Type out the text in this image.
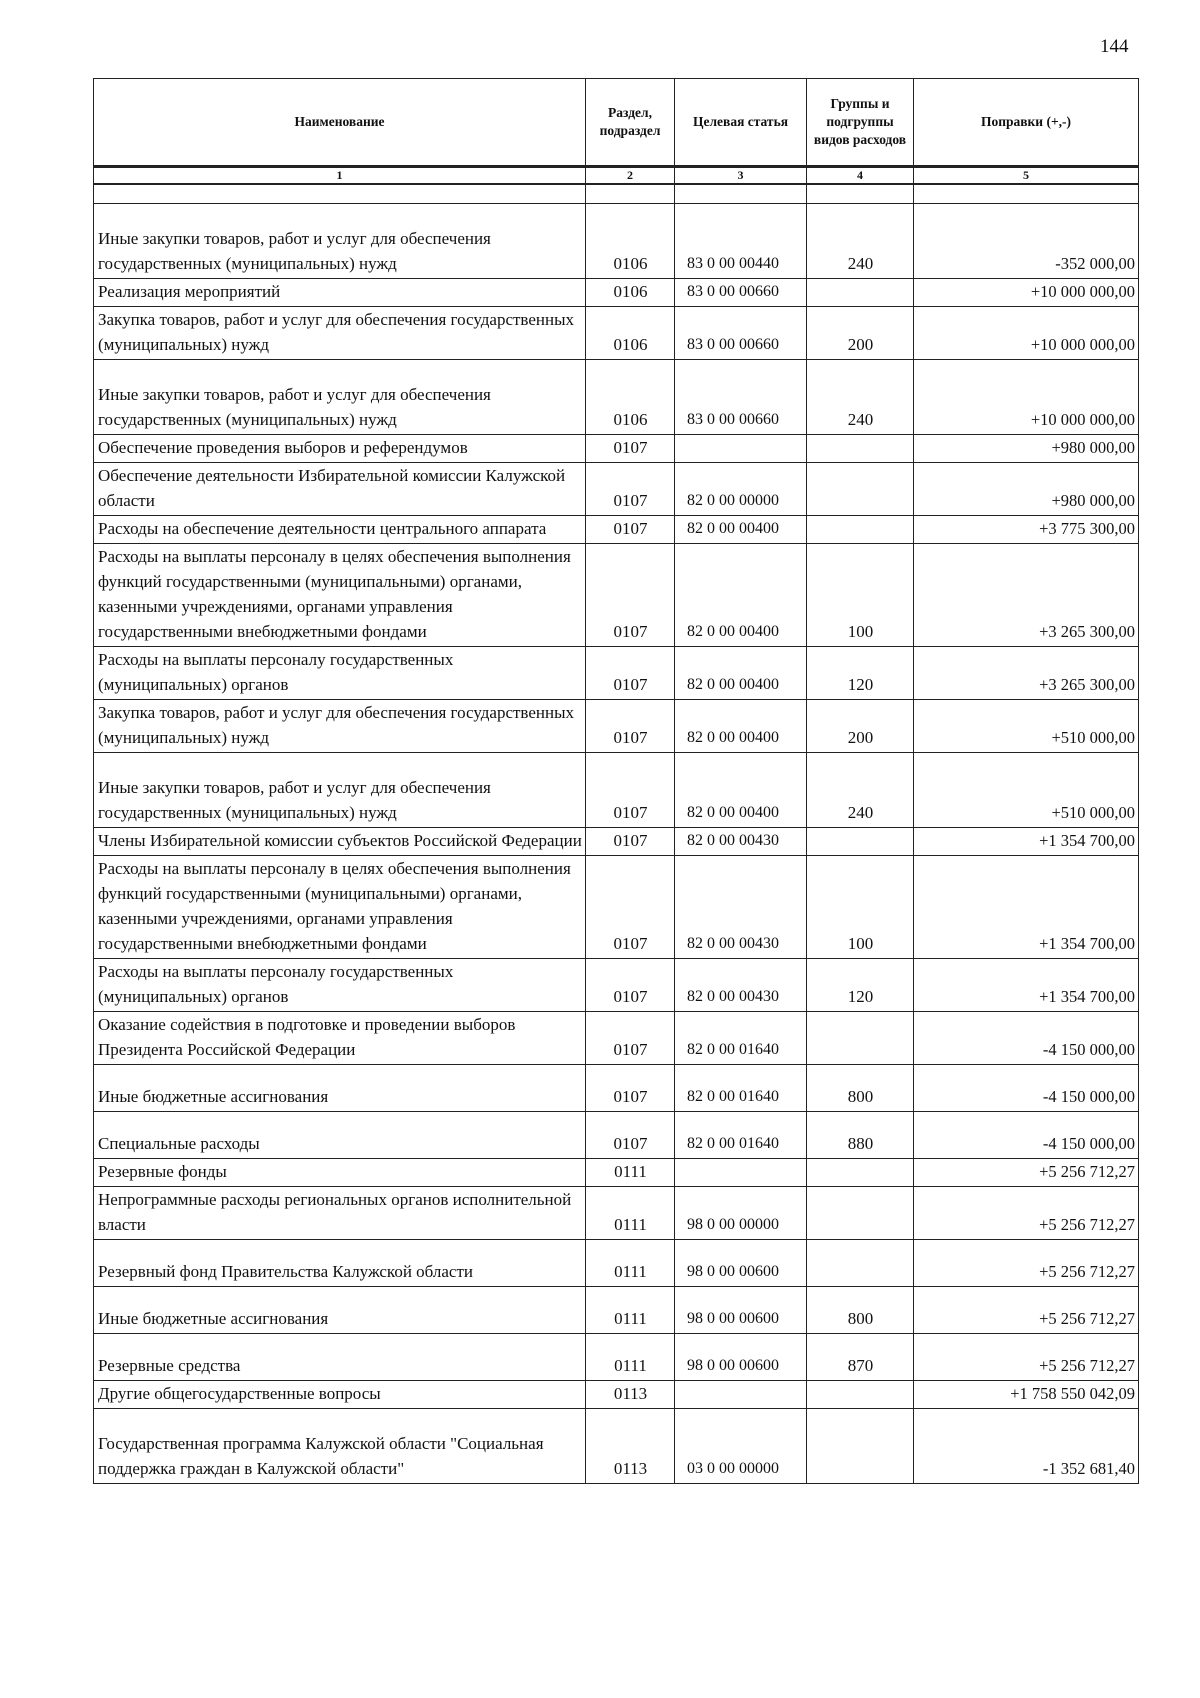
144
Наименование	Раздел, подраздел	Целевая статья	Группы и подгруппы видов расходов	Поправки (+,-)
1	2	3	4	5

Иные закупки товаров, работ и услуг для обеспечения государственных (муниципальных) нужд	0106	83 0 00 00440	240	-352 000,00
Реализация мероприятий	0106	83 0 00 00660		+10 000 000,00
Закупка товаров, работ и услуг для обеспечения государственных (муниципальных) нужд	0106	83 0 00 00660	200	+10 000 000,00
Иные закупки товаров, работ и услуг для обеспечения государственных (муниципальных) нужд	0106	83 0 00 00660	240	+10 000 000,00
Обеспечение проведения выборов и референдумов	0107			+980 000,00
Обеспечение деятельности Избирательной комиссии Калужской области	0107	82 0 00 00000		+980 000,00
Расходы на обеспечение деятельности центрального аппарата	0107	82 0 00 00400		+3 775 300,00
Расходы на выплаты персоналу в целях обеспечения выполнения функций государственными (муниципальными) органами, казенными учреждениями, органами управления государственными внебюджетными фондами	0107	82 0 00 00400	100	+3 265 300,00
Расходы на выплаты персоналу государственных (муниципальных) органов	0107	82 0 00 00400	120	+3 265 300,00
Закупка товаров, работ и услуг для обеспечения государственных (муниципальных) нужд	0107	82 0 00 00400	200	+510 000,00
Иные закупки товаров, работ и услуг для обеспечения государственных (муниципальных) нужд	0107	82 0 00 00400	240	+510 000,00
Члены Избирательной комиссии субъектов Российской Федерации	0107	82 0 00 00430		+1 354 700,00
Расходы на выплаты персоналу в целях обеспечения выполнения функций государственными (муниципальными) органами, казенными учреждениями, органами управления государственными внебюджетными фондами	0107	82 0 00 00430	100	+1 354 700,00
Расходы на выплаты персоналу государственных (муниципальных) органов	0107	82 0 00 00430	120	+1 354 700,00
Оказание содействия в подготовке и проведении выборов Президента Российской Федерации	0107	82 0 00 01640		-4 150 000,00
Иные бюджетные ассигнования	0107	82 0 00 01640	800	-4 150 000,00
Специальные расходы	0107	82 0 00 01640	880	-4 150 000,00
Резервные фонды	0111			+5 256 712,27
Непрограммные расходы региональных органов исполнительной власти	0111	98 0 00 00000		+5 256 712,27
Резервный фонд Правительства Калужской области	0111	98 0 00 00600		+5 256 712,27
Иные бюджетные ассигнования	0111	98 0 00 00600	800	+5 256 712,27
Резервные средства	0111	98 0 00 00600	870	+5 256 712,27
Другие общегосударственные вопросы	0113			+1 758 550 042,09
Государственная программа Калужской области "Социальная поддержка граждан в Калужской области"	0113	03 0 00 00000		-1 352 681,40
